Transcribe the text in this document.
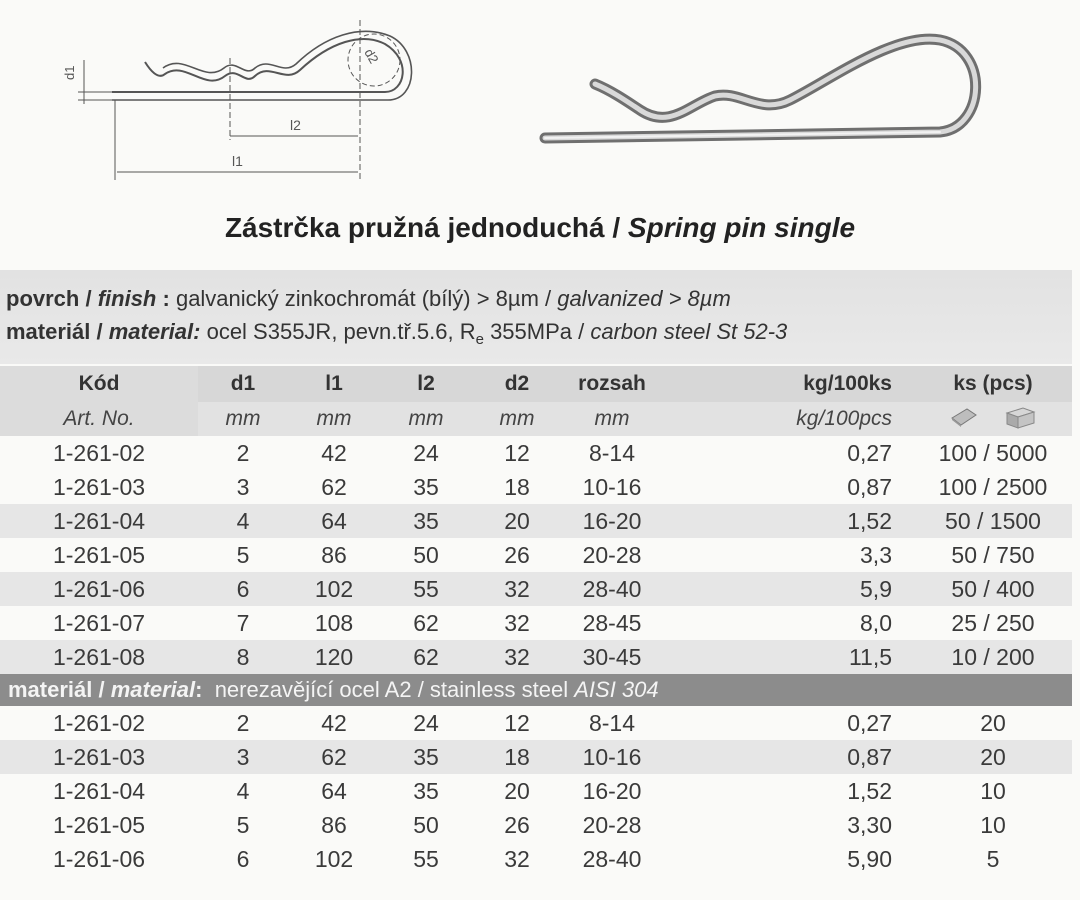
d1
d2
l2
l1
Zástrčka pružná jednoduchá / Spring pin single
povrch / finish : galvanický zinkochromát (bílý) > 8µm / galvanized > 8µm
materiál / material: ocel S355JR, pevn.tř.5.6, $R_e$ 355MPa / carbon steel St 52-3
Kód	d1	l1	l2	d2	rozsah		kg/100ks	ks (pcs)
Art. No.	mm	mm	mm	mm	mm		kg/100pcs	

1-261-02	2	42	24	12	8-14		0,27	100 / 5000
1-261-03	3	62	35	18	10-16		0,87	100 / 2500
1-261-04	4	64	35	20	16-20		1,52	50 / 1500
1-261-05	5	86	50	26	20-28		3,3	50 / 750
1-261-06	6	102	55	32	28-40		5,9	50 / 400
1-261-07	7	108	62	32	28-45		8,0	25 / 250
1-261-08	8	120	62	32	30-45		11,5	10 / 200
materiál / material: nerezavějící ocel A2 / stainless steel AISI 304								
1-261-02	2	42	24	12	8-14		0,27	20
1-261-03	3	62	35	18	10-16		0,87	20
1-261-04	4	64	35	20	16-20		1,52	10
1-261-05	5	86	50	26	20-28		3,30	10
1-261-06	6	102	55	32	28-40		5,90	5
